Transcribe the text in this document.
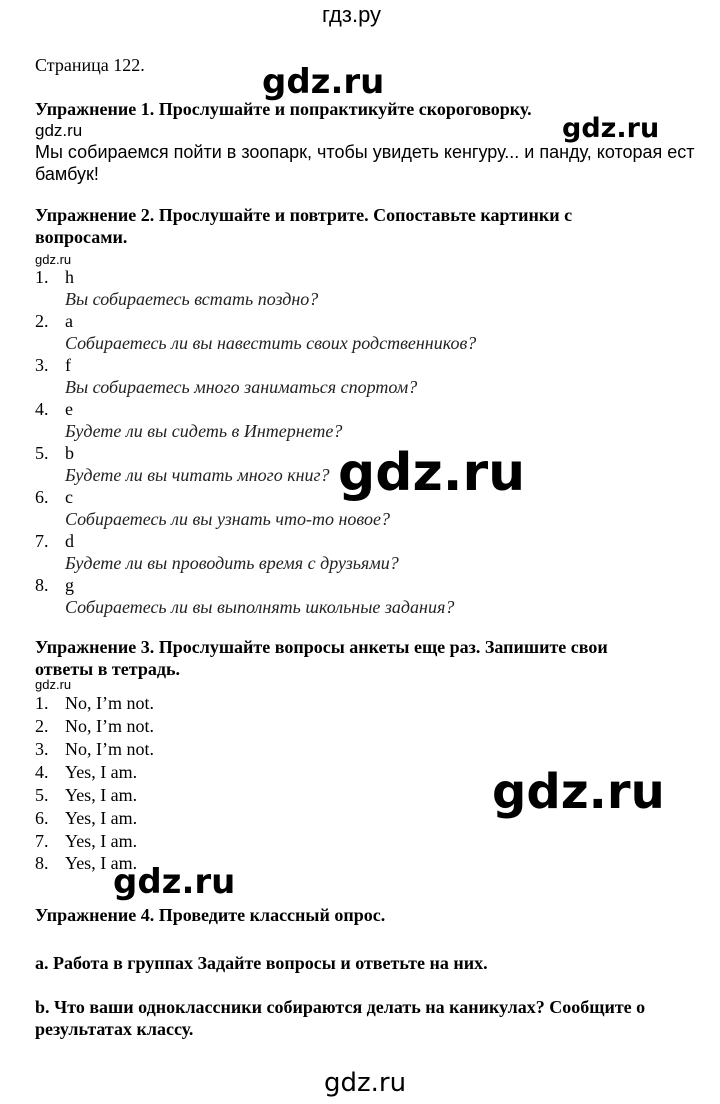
гдз.ру
Страница 122.	gdz.ru
Упражнение 1. Прослушайте и попрактикуйте скороговорку.
gdz.ru	gdz.ru
Мы собираемся пойти в зоопарк, чтобы увидеть кенгуру... и панду, которая ест
бамбук!
Упражнение 2. Прослушайте и повтрите. Сопоставьте картинки с
вопросами.
gdz.ru
1. h
Вы собираетесь встать поздно?
2. a
Собираетесь ли вы навестить своих родственников?
3. f
Вы собираетесь много заниматься спортом?
4. e
Будете ли вы сидеть в Интернете?
5. b
Будете ли вы читать много книг?
6. c
Собираетесь ли вы узнать что-то новое?
7. d
Будете ли вы проводить время с друзьями?
8. g
Собираетесь ли вы выполнять школьные задания?
gdz.ru
Упражнение 3. Прослушайте вопросы анкеты еще раз. Запишите свои
ответы в тетрадь.
gdz.ru
1. No, I’m not.
2. No, I’m not.
3. No, I’m not.
4. Yes, I am.
5. Yes, I am.
6. Yes, I am.
7. Yes, I am.
8. Yes, I am.
gdz.ru
gdz.ru
Упражнение 4. Проведите классный опрос.
a. Работа в группах Задайте вопросы и ответьте на них.
b. Что ваши одноклассники собираются делать на каникулах? Сообщите о
результатах классу.
gdz.ru
